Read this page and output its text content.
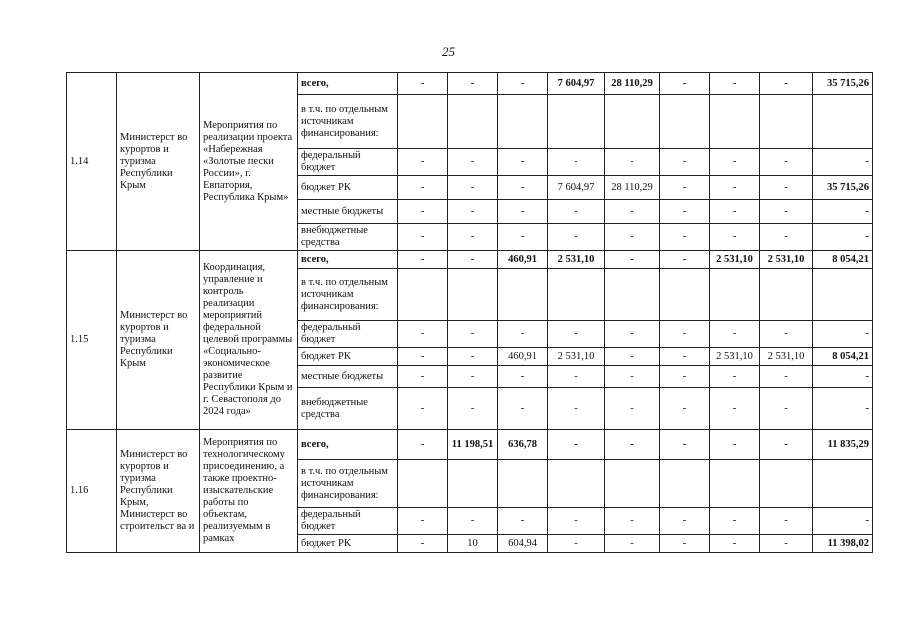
25
1.14	Министерст во курортов и туризма Республики Крым	Мероприятия по реализации проекта «Набережная «Золотые пески России», г. Евпатория, Республика Крым»	всего,	-	-	-	7 604,97	28 110,29	-	-	-	35 715,26
			в т.ч. по отдельным источникам финансирования:									
			федеральный бюджет	-	-	-	-	-	-	-	-	-
			бюджет РК	-	-	-	7 604,97	28 110,29	-	-	-	35 715,26
			местные бюджеты	-	-	-	-	-	-	-	-	-
			внебюджетные средства	-	-	-	-	-	-	-	-	-
1.15	Министерст во курортов и туризма Республики Крым	Координация, управление и контроль реализации мероприятий федеральной целевой программы «Социально-экономическое развитие Республики Крым и г. Севастополя до 2024 года»	всего,	-	-	460,91	2 531,10	-	-	2 531,10	2 531,10	8 054,21
			в т.ч. по отдельным источникам финансирования:									
			федеральный бюджет	-	-	-	-	-	-	-	-	-
			бюджет РК	-	-	460,91	2 531,10	-	-	2 531,10	2 531,10	8 054,21
			местные бюджеты	-	-	-	-	-	-	-	-	-
			внебюджетные средства	-	-	-	-	-	-	-	-	-
1.16	Министерст во курортов и туризма Республики Крым, Министерст во строительст ва и	Мероприятия по технологическому присоединению, а также проектно-изыскательские работы по объектам, реализуемым в рамках	всего,	-	11 198,51	636,78	-	-	-	-	-	11 835,29
			в т.ч. по отдельным источникам финансирования:									
			федеральный бюджет	-	-	-	-	-	-	-	-	-
			бюджет РК	-	10	604,94	-	-	-	-	-	11 398,02
